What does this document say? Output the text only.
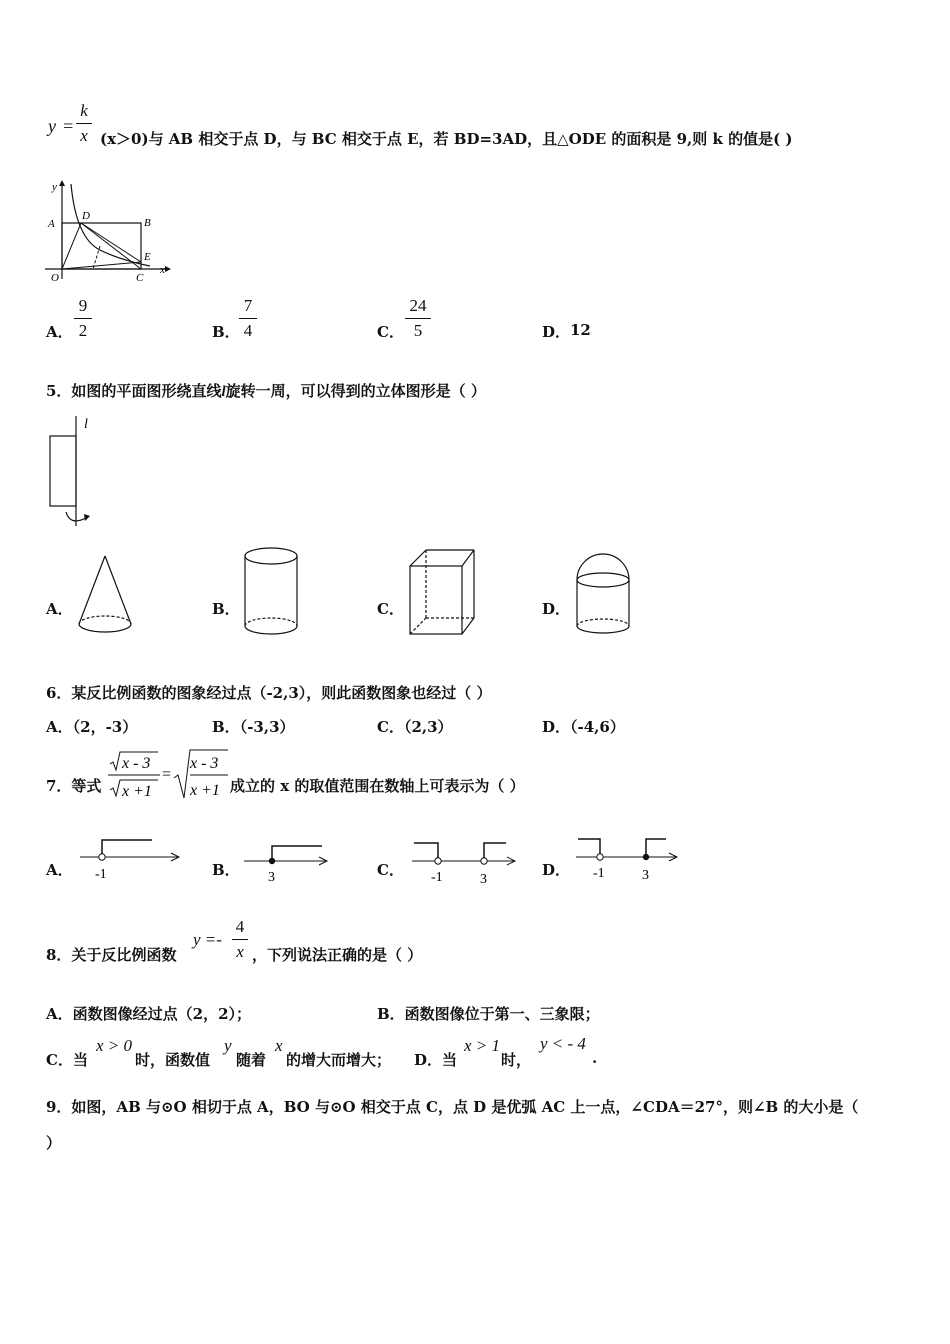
y =
k
x (x＞0)与 AB 相交于点 D，与 BC 相交于点 E，若 BD=3AD，且△ODE 的面积是 9,则 k 的值是( )
y
A
D
B
E
x
O	C
A．
9
2	B．
7
4	C．
24
5	D． 12
5．如图的平面图形绕直线l旋转一周，可以得到的立体图形是（ ）
l
A．	B．	C．	D．
6．某反比例函数的图象经过点（-2,3），则此函数图象也经过（ ）
A．（2，-3）	B．（-3,3）	C．（2,3）	D．（-4,6）
7．等式
x - 3
x +1
=
x - 3
x +1 成立的 x 的取值范围在数轴上可表示为（ ）
A． -1	B． 3	C． -1	3
D． -1	3
8．关于反比例函数
y =-
4
x ，下列说法正确的是（ ）
A．函数图像经过点（2，2）；	B．函数图像位于第一、三象限；
C．当
x > 0
时，函数值
y
随着
x
的增大而增大； D．当
x > 1
时，
y < - 4
.
9．如图，AB 与⊙O 相切于点 A，BO 与⊙O 相交于点 C，点 D 是优弧 AC 上一点，∠CDA＝27°，则∠B 的大小是（
）
